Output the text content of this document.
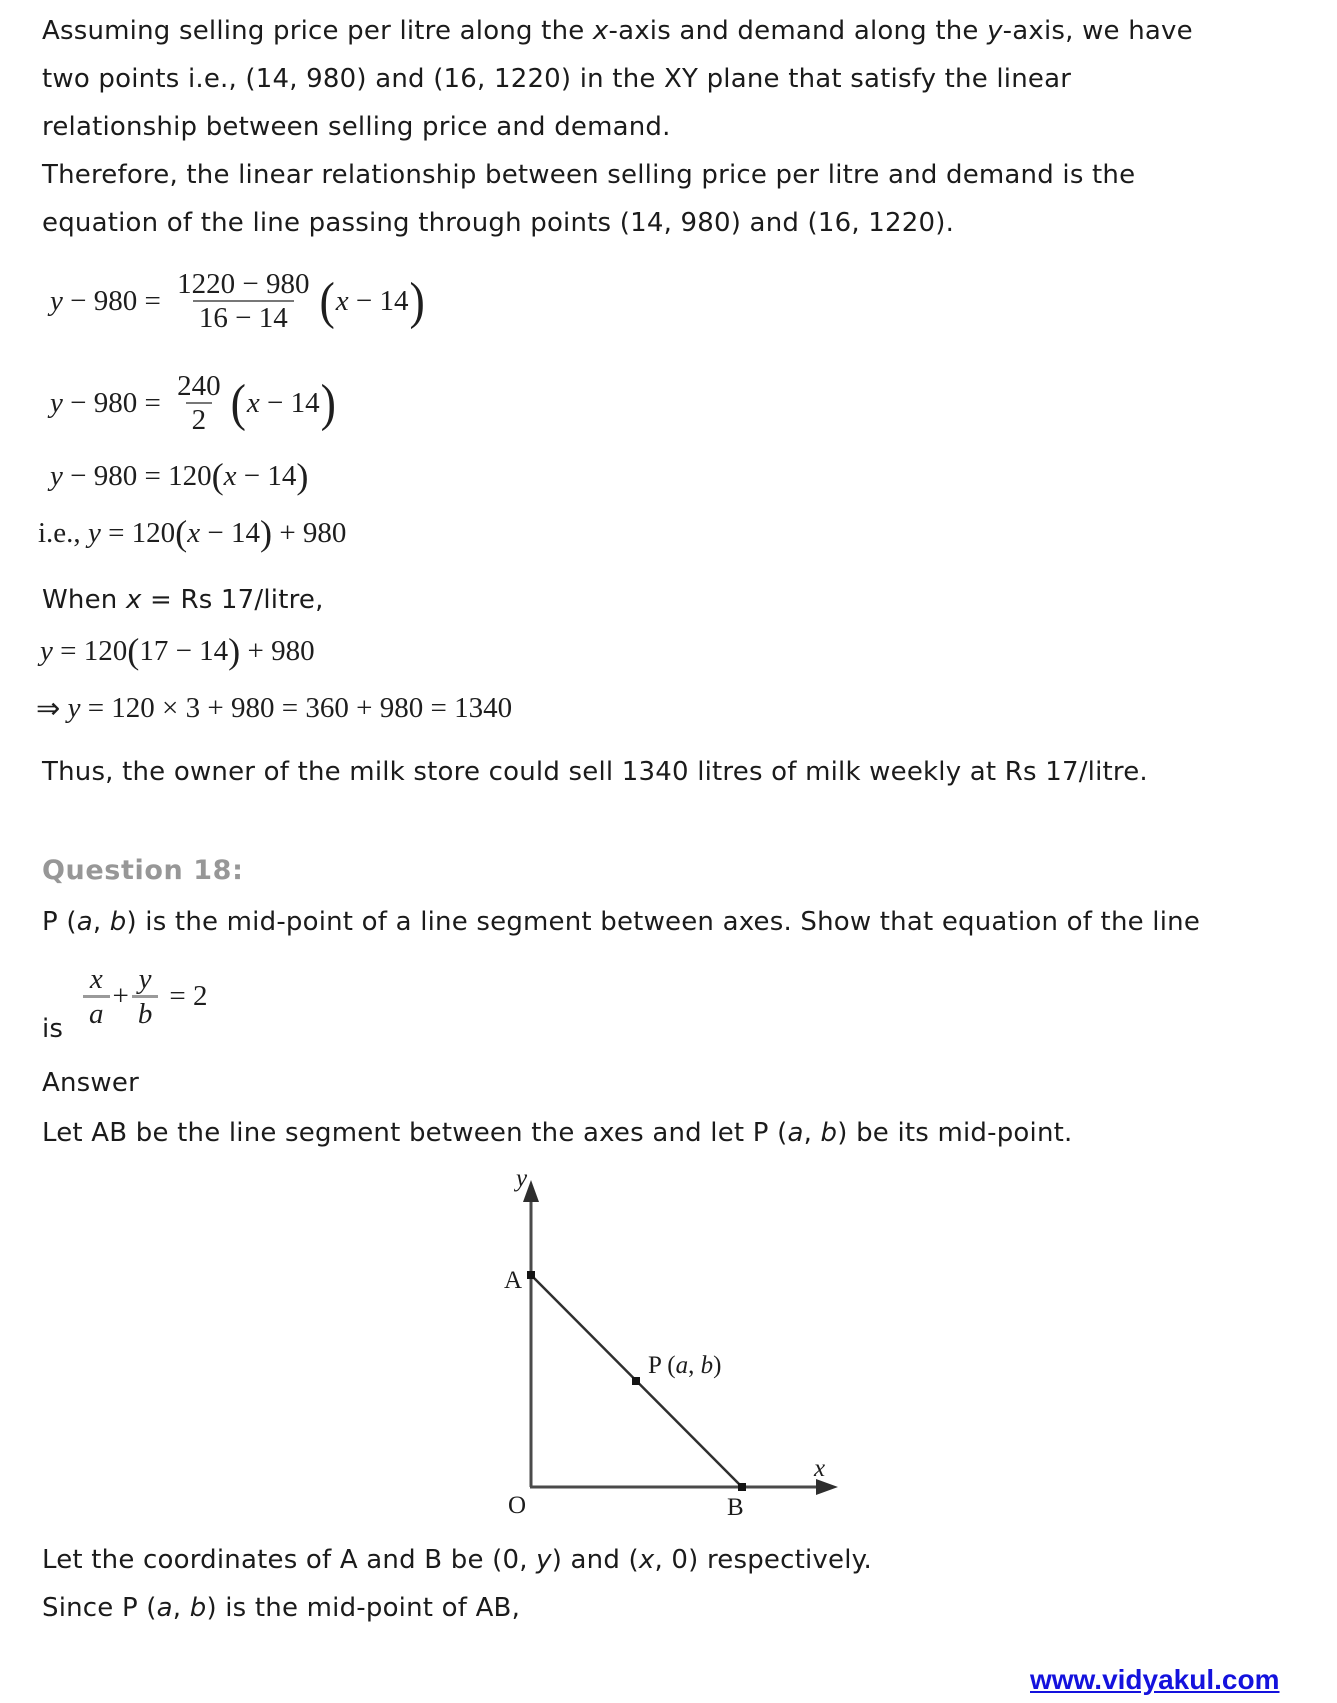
Assuming selling price per litre along the x-axis and demand along the y-axis, we have
two points i.e., (14, 980) and (16, 1220) in the XY plane that satisfy the linear
relationship between selling price and demand.
Therefore, the linear relationship between selling price per litre and demand is the
equation of the line passing through points (14, 980) and (16, 1220).
$y - 980 = \frac{1220 - 980}{16 - 14}$ ( x − 14 )
$y - 980 = \frac{240}{2}$ ( x − 14 )
y − 980 = 120 ( x − 14 )
i.e., y = 120 ( x − 14 ) + 980
When x = Rs 17/litre,
y = 120 ( 17 − 14 ) + 980
⇒ y = 120 × 3 + 980 = 360 + 980 = 1340
Thus, the owner of the milk store could sell 1340 litres of milk weekly at Rs 17/litre.
Question 18:
P (a, b) is the mid-point of a line segment between axes. Show that equation of the line
is $\frac{x}{a} + \frac{y}{b} = 2$
Answer
Let AB be the line segment between the axes and let P (a, b) be its mid-point.
y
A
P (a, b)
x
O	B
Let the coordinates of A and B be (0, y) and (x, 0) respectively.
Since P (a, b) is the mid-point of AB,
www.vidyakul.com
